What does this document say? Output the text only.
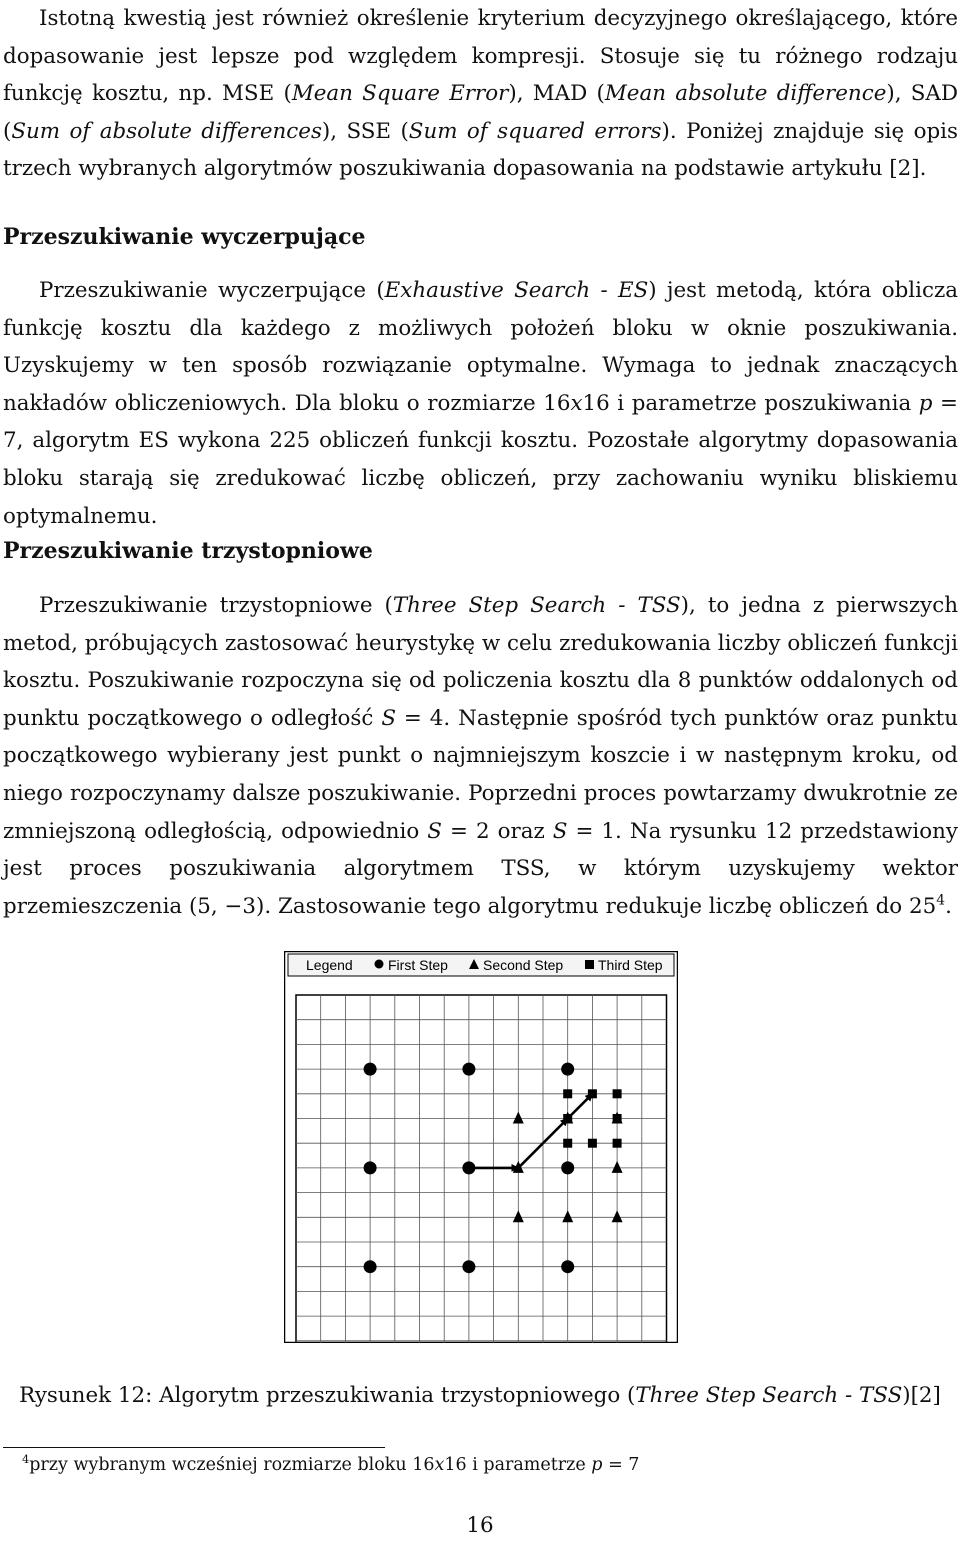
Istotną kwestią jest również określenie kryterium decyzyjnego określającego, które dopasowanie jest lepsze pod względem kompresji. Stosuje się tu różnego rodzaju funkcję kosztu, np. MSE (Mean Square Error), MAD (Mean absolute difference), SAD (Sum of absolute differences), SSE (Sum of squared errors). Poniżej znajduje się opis trzech wybranych algorytmów poszukiwania dopasowania na podstawie artykułu [2].

Przeszukiwanie wyczerpujące

Przeszukiwanie wyczerpujące (Exhaustive Search - ES) jest metodą, która oblicza funkcję kosztu dla każdego z możliwych położeń bloku w oknie poszukiwania. Uzyskujemy w ten sposób rozwiązanie optymalne. Wymaga to jednak znaczących nakładów obliczeniowych. Dla bloku o rozmiarze 16x16 i parametrze poszukiwania p = 7, algorytm ES wykona 225 obliczeń funkcji kosztu. Pozostałe algorytmy dopasowania bloku starają się zredukować liczbę obliczeń, przy zachowaniu wyniku bliskiemu optymalnemu.

Przeszukiwanie trzystopniowe

Przeszukiwanie trzystopniowe (Three Step Search - TSS), to jedna z pierwszych metod, próbujących zastosować heurystykę w celu zredukowania liczby obliczeń funkcji kosztu. Poszukiwanie rozpoczyna się od policzenia kosztu dla 8 punktów oddalonych od punktu początkowego o odległość S = 4. Następnie spośród tych punktów oraz punktu początkowego wybierany jest punkt o najmniejszym koszcie i w następnym kroku, od niego rozpoczynamy dalsze poszukiwanie. Poprzedni proces powtarzamy dwukrotnie ze zmniejszoną odległością, odpowiednio S = 2 oraz S = 1. Na rysunku 12 przedstawiony jest proces poszukiwania algorytmem TSS, w którym uzyskujemy wektor przemieszczenia (5, −3). Zastosowanie tego algorytmu redukuje liczbę obliczeń do $25^4$.

Legend	First Step	Second Step Third Step

Rysunek 12: Algorytm przeszukiwania trzystopniowego (Three Step Search - TSS)[2]

$^4$przy wybranym wcześniej rozmiarze bloku 16x16 i parametrze p = 7

16
